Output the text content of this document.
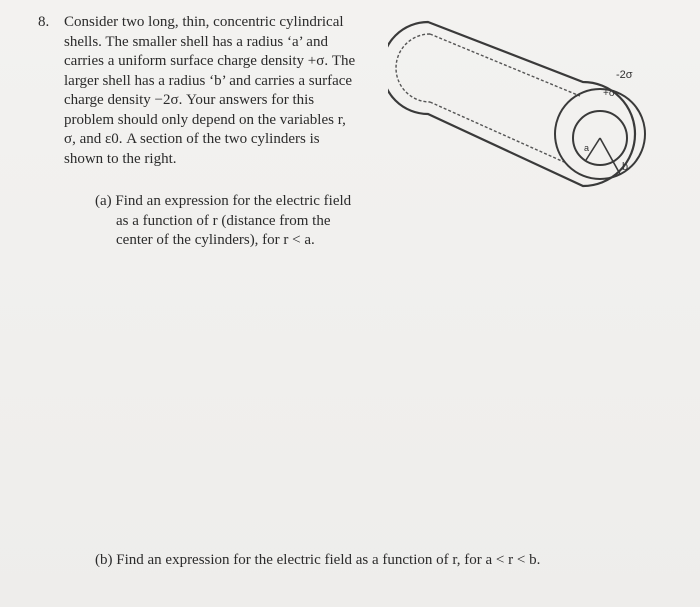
8. Consider two long, thin, concentric cylindrical
shells. The smaller shell has a radius ‘a’ and
carries a uniform surface charge density +σ. The
larger shell has a radius ‘b’ and carries a surface
charge density −2σ. Your answers for this
problem should only depend on the variables r,
σ, and ε0. A section of the two cylinders is
shown to the right.
(a) Find an expression for the electric field
as a function of r (distance from the
center of the cylinders), for r < a.
(b) Find an expression for the electric field as a function of r, for a < r < b.
-2σ
+σ
a
b
